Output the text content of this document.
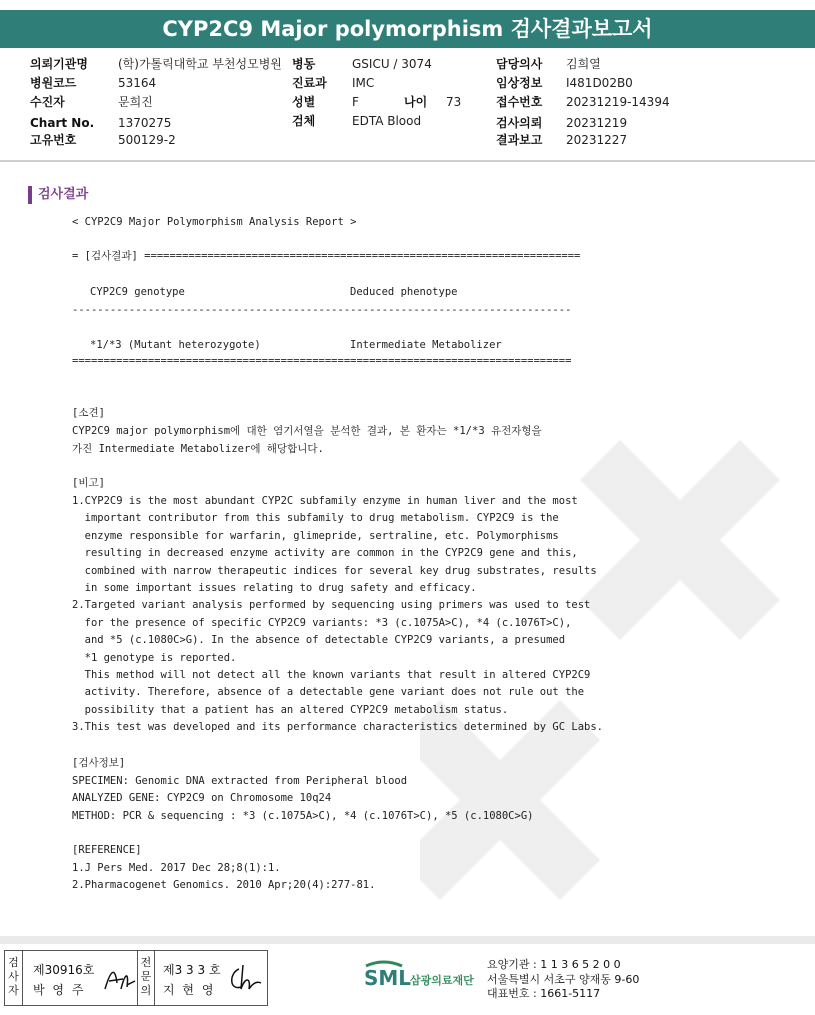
CYP2C9 Major polymorphism 검사결과보고서
의뢰기관명	(학)가톨릭대학교 부천성모병원
병원코드	53164
수진자	문희진
Chart No. 1370275
고유번호	500129-2
병동	GSICU / 3074
진료과 IMC
성별	F	나이 73
검체	EDTA Blood
담당의사 김희열
임상정보 I481D02B0
접수번호 20231219-14394
검사의뢰 20231219
결과보고 20231227
검사결과
< CYP2C9 Major Polymorphism Analysis Report >
= [검사결과] =====================================================================
CYP2C9 genotype	Deduced phenotype
-------------------------------------------------------------------------------
*1/*3 (Mutant heterozygote)	Intermediate Metabolizer
===============================================================================
[소견]
CYP2C9 major polymorphism에 대한 염기서열을 분석한 결과, 본 환자는 *1/*3 유전자형을
가진 Intermediate Metabolizer에 해당합니다.
[비고]
1.CYP2C9 is the most abundant CYP2C subfamily enzyme in human liver and the most
important contributor from this subfamily to drug metabolism. CYP2C9 is the
enzyme responsible for warfarin, glimepride, sertraline, etc. Polymorphisms
resulting in decreased enzyme activity are common in the CYP2C9 gene and this,
combined with narrow therapeutic indices for several key drug substrates, results
in some important issues relating to drug safety and efficacy.
2.Targeted variant analysis performed by sequencing using primers was used to test
for the presence of specific CYP2C9 variants: *3 (c.1075A>C), *4 (c.1076T>C),
and *5 (c.1080C>G). In the absence of detectable CYP2C9 variants, a presumed
*1 genotype is reported.
This method will not detect all the known variants that result in altered CYP2C9
activity. Therefore, absence of a detectable gene variant does not rule out the
possibility that a patient has an altered CYP2C9 metabolism status.
3.This test was developed and its performance characteristics determined by GC Labs.
[검사정보]
SPECIMEN: Genomic DNA extracted from Peripheral blood
ANALYZED GENE: CYP2C9 on Chromosome 10q24
METHOD: PCR & sequencing : *3 (c.1075A>C), *4 (c.1076T>C), *5 (c.1080C>G)
[REFERENCE]
1.J Pers Med. 2017 Dec 28;8(1):1.
2.Pharmacogenet Genomics. 2010 Apr;20(4):277-81.
검사자
제30916호
박 영 주
전문의
제3 3 3 호
지 현 영	SML
삼광의료재단
요양기관 : 1 1 3 6 5 2 0 0
서울특별시 서초구 양재동 9-60
대표번호 : 1661-5117
